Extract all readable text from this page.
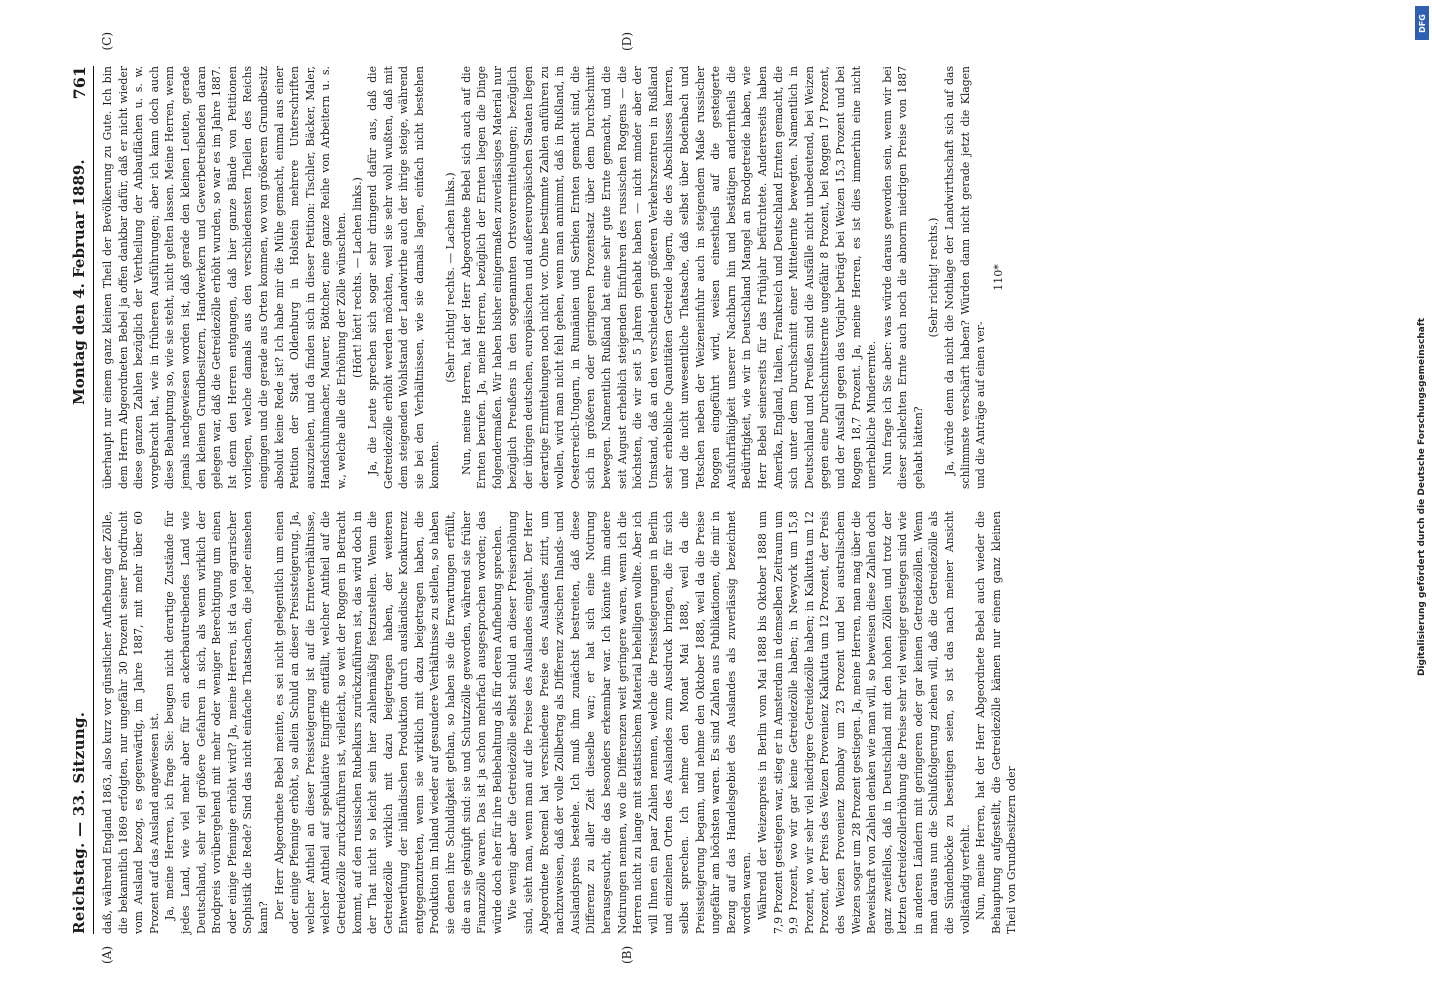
Reichstag. — 33. Sitzung.
Montag den 4. Februar 1889.
761
(A)	(B)
(C)	(D)

daß, während England 1863, also kurz vor günstlicher Aufhebung der Zölle, die bekanntlich 1869 erfolgten, nur ungefähr 30 Prozent seiner Brodfrucht vom Ausland bezog, es gegenwärtig, im Jahre 1887, mit mehr über 60 Prozent auf das Ausland angewiesen ist. Ja, meine Herren, ich frage Sie: beugen nicht derartige Zustände für jedes Land, wie viel mehr aber für ein ackerbautreibendes Land wie Deutschland, sehr viel größere Gefahren in sich, als wenn wirklich der Brodpreis vorübergehend mit mehr oder weniger Berechtigung um einen oder einige Pfennige erhöht wird? Ja, meine Herren, ist da von agrarischer Sophistik die Rede? Sind das nicht einfache Thatsachen, die jeder einsehen kann? Der Herr Abgeordnete Bebel meinte, es sei nicht gelegentlich um einen oder einige Pfennige erhöht, so allein Schuld an dieser Preissteigerung. Ja, welcher Antheil an dieser Preissteigerung ist auf die Ernteverhältnisse, welcher Antheil auf spekulative Eingriffe entfällt, welcher Antheil auf die Getreidezölle zurückzuführen ist, vielleicht, so weit der Roggen in Betracht kommt, auf den russischen Rubelkurs zurückzuführen ist, das wird doch in der That nicht so leicht sein hier zahlenmäßig festzustellen. Wenn die Getreidezölle wirklich mit dazu beigetragen haben, der weiteren Entwerthung der inländischen Produktion durch ausländische Konkurrenz entgegenzutreten, wenn sie wirklich mit dazu beigetragen haben, die Produktion im Inland wieder auf gesundere Verhältnisse zu stellen, so haben sie denen ihre Schuldigkeit gethan, so haben sie die Erwartungen erfüllt, die an sie geknüpft sind: sie und Schutzzölle geworden, während sie früher Finanzzölle waren. Das ist ja schon mehrfach ausgesprochen worden; das würde doch eher für ihre Beibehaltung als für deren Aufhebung sprechen. Wie wenig aber die Getreidezölle selbst schuld an dieser Preiserhöhung sind, sieht man, wenn man auf die Preise des Auslandes eingeht. Der Herr Abgeordnete Broemel hat verschiedene Preise des Auslandes zitirt, um nachzuweisen, daß der volle Zollbetrag als Differenz zwischen Inlands- und Auslandspreis bestehe. Ich muß ihm zunächst bestreiten, daß diese Differenz zu aller Zeit dieselbe war; er hat sich eine Notirung herausgesucht, die das besonders erkennbar war. Ich könnte ihm andere Notirungen nennen, wo die Differenzen weit geringere waren, wenn ich die Herren nicht zu lange mit statistischem Material behelligen wollte. Aber ich will Ihnen ein paar Zahlen nennen, welche die Preissteigerungen in Berlin und einzelnen Orten des Auslandes zum Ausdruck bringen, die für sich selbst sprechen. Ich nehme den Monat Mai 1888, weil da die Preissteigerung begann, und nehme den Oktober 1888, weil da die Preise ungefähr am höchsten waren. Es sind Zahlen aus Publikationen, die mir in Bezug auf das Handelsgebiet des Auslandes als zuverlässig bezeichnet worden waren. Während der Weizenpreis in Berlin vom Mai 1888 bis Oktober 1888 um 7,9 Prozent gestiegen war, stieg er in Amsterdam in demselben Zeitraum um 9,9 Prozent, wo wir gar keine Getreidezölle haben; in Newyork um 15,8 Prozent, wo wir sehr viel niedrigere Getreidezölle haben; in Kalkutta um 12 Prozent, der Preis des Weizen Provenienz Kalkutta um 12 Prozent, der Preis des Weizen Provenienz Bombay um 23 Prozent und bei australischem Weizen sogar um 28 Prozent gestiegen. Ja, meine Herren, man mag über die Beweiskraft von Zahlen denken wie man will, so beweisen diese Zahlen doch ganz zweifellos, daß in Deutschland mit den hohen Zöllen und trotz der letzten Getreidezollerhöhung die Preise sehr viel weniger gestiegen sind wie in anderen Ländern mit geringeren oder gar keinen Getreidezöllen. Wenn man daraus nun die Schlußfolgerung ziehen will, daß die Getreidezölle als die Sündenböcke zu beseitigen seien, so ist das nach meiner Ansicht vollständig verfehlt. Nun, meine Herren, hat der Herr Abgeordnete Bebel auch wieder die Behauptung aufgestellt, die Getreidezölle kämen nur einem ganz kleinen Theil von Grundbesitzern oder

überhaupt nur einem ganz kleinen Theil der Bevölkerung zu Gute. Ich bin dem Herrn Abgeordneten Bebel ja offen dankbar dafür, daß er nicht wieder diese ganzen Zahlen bezüglich der Vertheilung der Anbauflächen u. s. w. vorgebracht hat, wie in früheren Ausführungen; aber ich kann doch auch diese Behauptung so, wie sie steht, nicht gelten lassen. Meine Herren, wenn jemals nachgewiesen worden ist, daß gerade den kleinen Leuten, gerade den kleinen Grundbesitzern, Handwerkern und Gewerbetreibenden daran gelegen war, daß die Getreidezölle erhöht wurden, so war es im Jahre 1887. Ist denn den Herren entgangen, daß hier ganze Bände von Petitionen vorliegen, welche damals aus den verschiedensten Theilen des Reichs eingingen und die gerade aus Orten kommen, wo von größerem Grundbesitz absolut keine Rede ist? Ich habe mir die Mühe gemacht, einmal aus einer Petition der Stadt Oldenburg in Holstein mehrere Unterschriften auszuziehen, und da finden sich in dieser Petition: Tischler, Bäcker, Maler, Handschuhmacher, Maurer, Böttcher, eine ganze Reihe von Arbeitern u. s. w., welche alle die Erhöhung der Zölle wünschten. (Hört! hört! rechts. — Lachen links.) Ja, die Leute sprechen sich sogar sehr dringend dafür aus, daß die Getreidezölle erhöht werden möchten, weil sie sehr wohl wußten, daß mit dem steigenden Wohlstand der Landwirthe auch der ihrige steige, während sie bei den Verhältnissen, wie sie damals lagen, einfach nicht bestehen konnten.

(Sehr richtig! rechts. — Lachen links.) Nun, meine Herren, hat der Herr Abgeordnete Bebel sich auch auf die Ernten berufen. Ja, meine Herren, bezüglich der Ernten liegen die Dinge folgendermaßen. Wir haben bisher einigermaßen zuverlässiges Material nur bezüglich Preußens in den sogenannten Ortsvorermittelungen; bezüglich der übrigen deutschen, europäischen und außereuropäischen Staaten liegen derartige Ermittelungen noch nicht vor. Ohne bestimmte Zahlen anführen zu wollen, wird man nicht fehl gehen, wenn man annimmt, daß in Rußland, in Oesterreich-Ungarn, in Rumänien und Serbien Ernten gemacht sind, die sich in größeren oder geringeren Prozentsatz über dem Durchschnitt bewegen. Namentlich Rußland hat eine sehr gute Ernte gemacht, und die seit August erheblich steigenden Einfuhren des russischen Roggens — die höchsten, die wir seit 5 Jahren gehabt haben — nicht minder aber der Umstand, daß an den verschiedenen größeren Verkehrszentren in Rußland sehr erhebliche Quantitäten Getreide lagern, die des Abschlusses harren, und die nicht unwesentliche Thatsache, daß selbst über Bodenbach und Tetschen neben der Weizeneinfuhr auch in steigendem Maße russischer Roggen eingeführt wird, weisen einestheils auf die gesteigerte Ausfuhrfähigkeit unserer Nachbarn hin und bestätigen anderntheils die Bedürftigkeit, wie wir in Deutschland Mangel an Brodgetreide haben, wie Herr Bebel seinerseits für das Frühjahr befürchtete. Andererseits haben Amerika, England, Italien, Frankreich und Deutschland Ernten gemacht, die sich unter dem Durchschnitt einer Mittelernte bewegten. Namentlich in Deutschland und Preußen sind die Ausfälle nicht unbedeutend, bei Weizen gegen eine Durchschnittsernte ungefähr 8 Prozent, bei Roggen 17 Prozent, und der Ausfall gegen das Vorjahr beträgt bei Weizen 15,3 Prozent und bei Roggen 18,7 Prozent. Ja, meine Herren, es ist dies immerhin eine nicht unerhebliche Minderernte. Nun frage ich Sie aber: was würde daraus geworden sein, wenn wir bei dieser schlechten Ernte auch noch die abnorm niedrigen Preise von 1887 gehabt hätten?

(Sehr richtig! rechts.) Ja, würde denn da nicht die Nothlage der Landwirthschaft sich auf das schlimmste verschärft haben? Würden dann nicht gerade jetzt die Klagen und die Anträge auf einen ver-

110*
DFG
Digitalisierung gefördert durch die Deutsche Forschungsgemeinschaft
